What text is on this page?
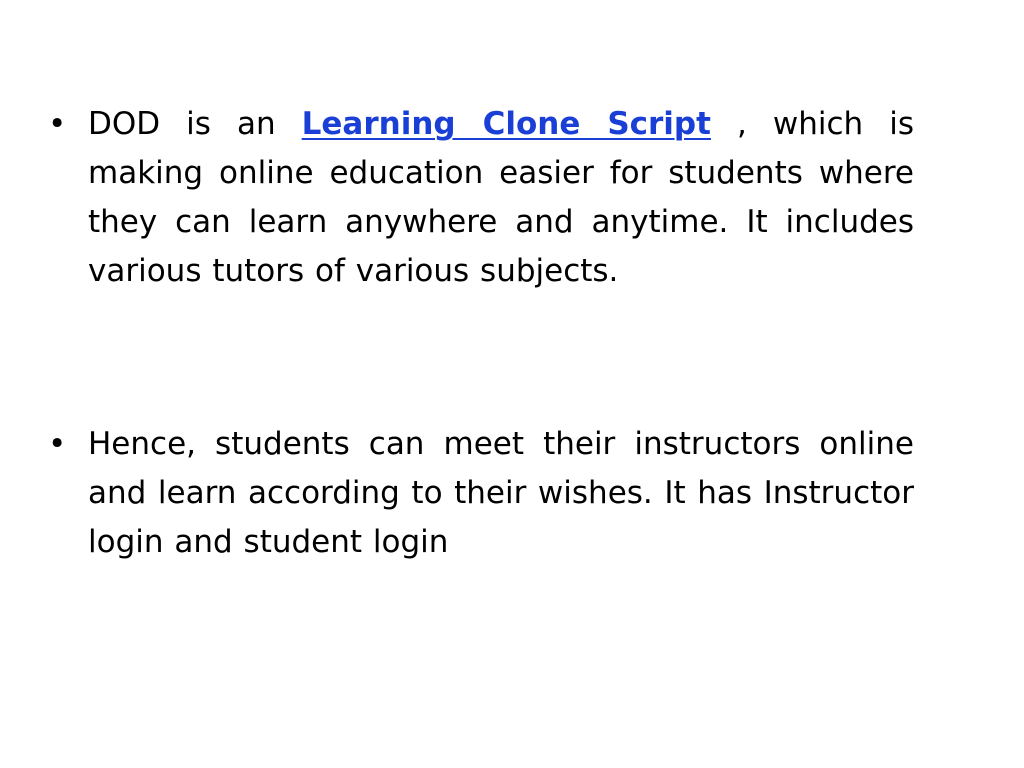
• DOD is an Learning Clone Script , which is making online education easier for students where they can learn anywhere and anytime. It includes various tutors of various subjects.
• Hence, students can meet their instructors online and learn according to their wishes. It has Instructor login and student login
